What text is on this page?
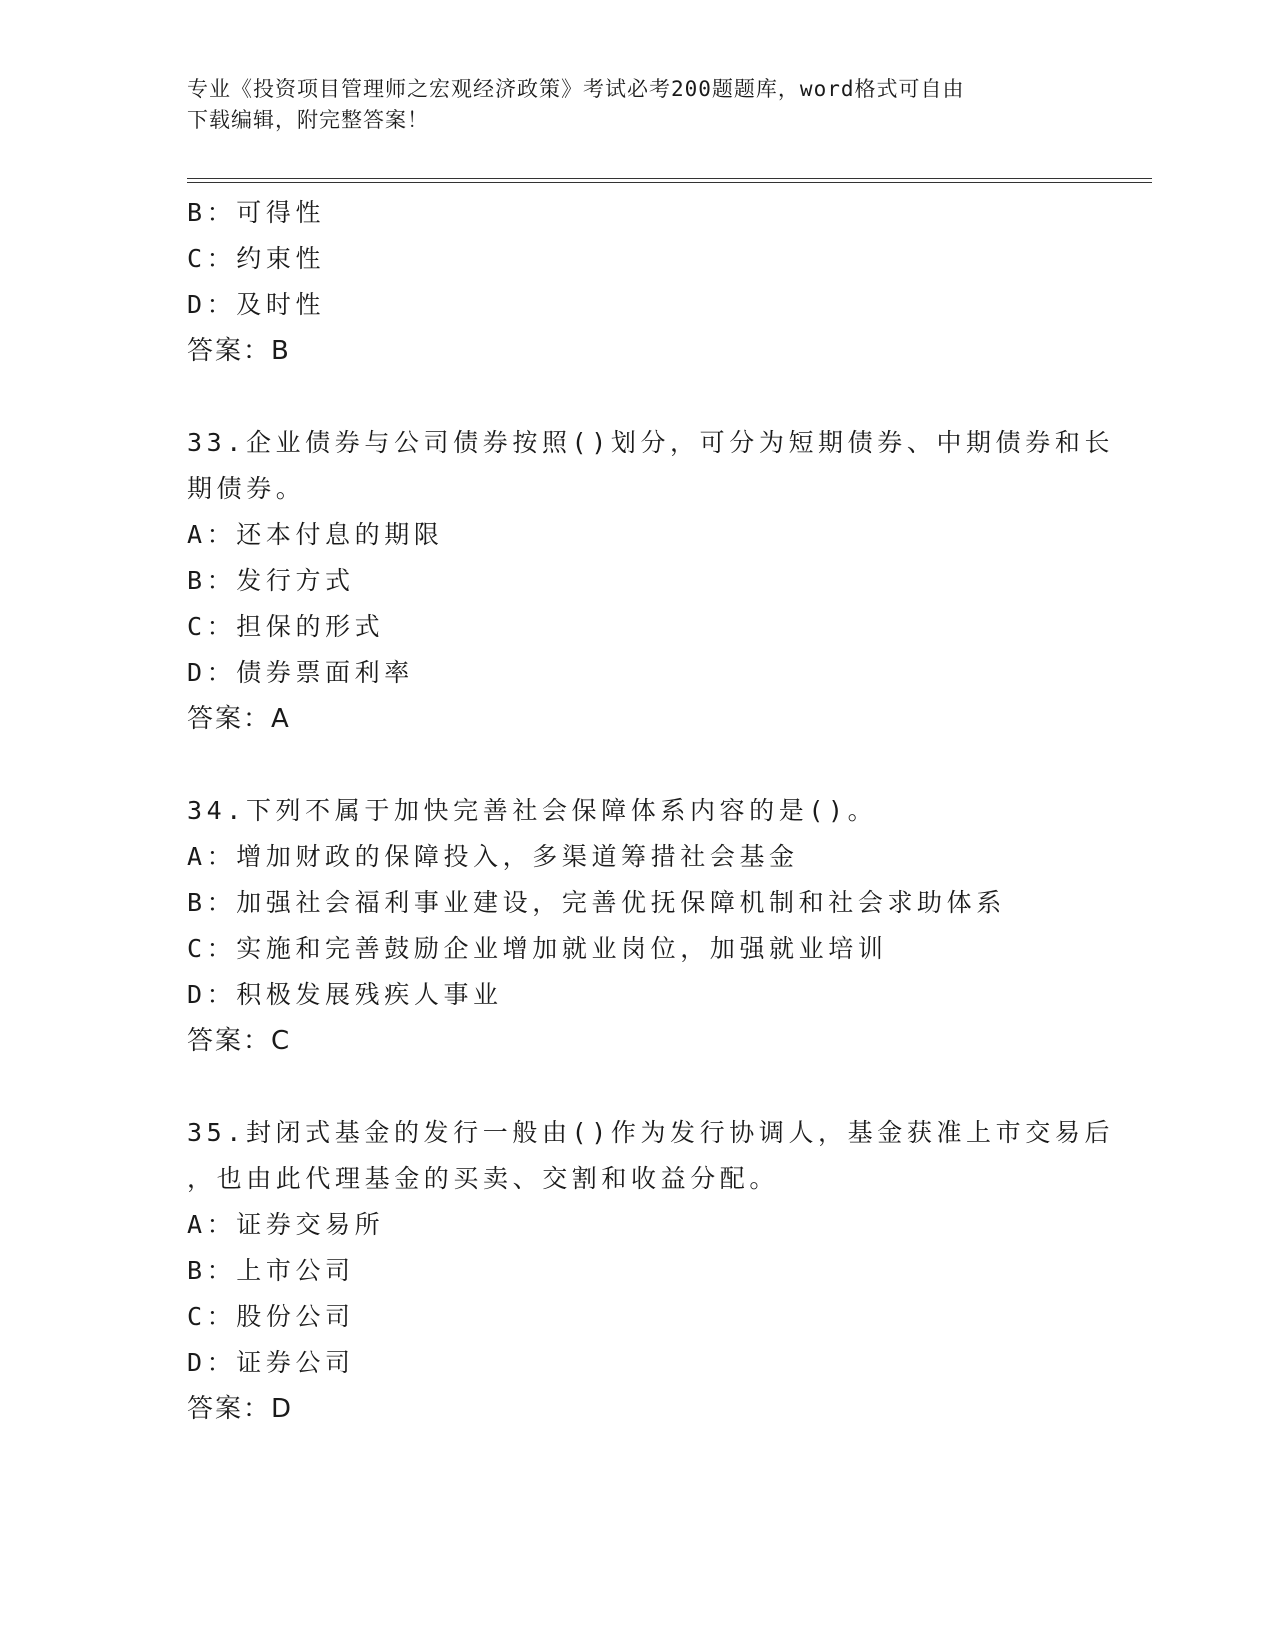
专业《投资项目管理师之宏观经济政策》考试必考200题题库，word格式可自由
下载编辑，附完整答案！
B：可得性
C：约束性
D：及时性
答案：B
33.企业债券与公司债券按照()划分，可分为短期债券、中期债券和长
期债券。
A：还本付息的期限
B：发行方式
C：担保的形式
D：债券票面利率
答案：A
34.下列不属于加快完善社会保障体系内容的是()。
A：增加财政的保障投入，多渠道筹措社会基金
B：加强社会福利事业建设，完善优抚保障机制和社会求助体系
C：实施和完善鼓励企业增加就业岗位，加强就业培训
D：积极发展残疾人事业
答案：C
35.封闭式基金的发行一般由()作为发行协调人，基金获准上市交易后
，也由此代理基金的买卖、交割和收益分配。
A：证券交易所
B：上市公司
C：股份公司
D：证券公司
答案：D
